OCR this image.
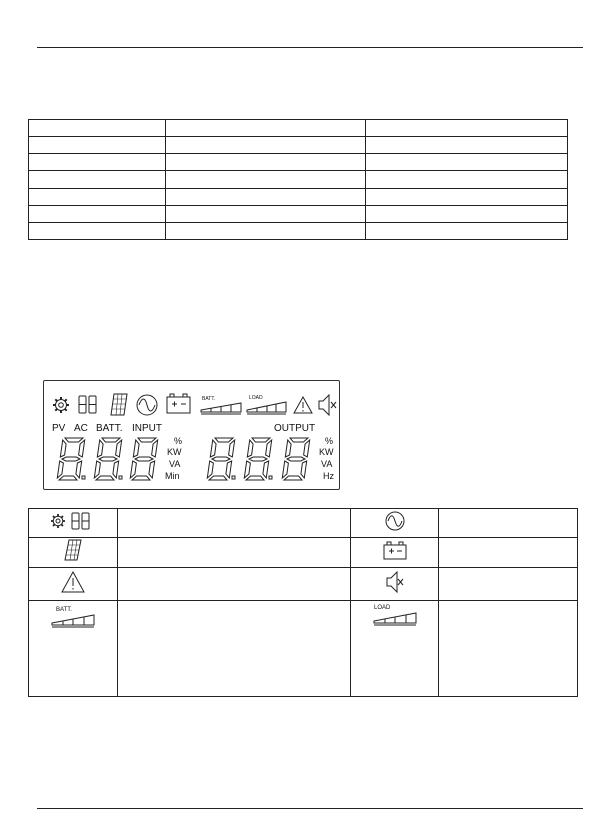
BATT.	LOAD
PV AC BATT. INPUT	OUTPUT
%
KW
VA
Min
%
KW
VA
Hz

BATT.		LOAD	
